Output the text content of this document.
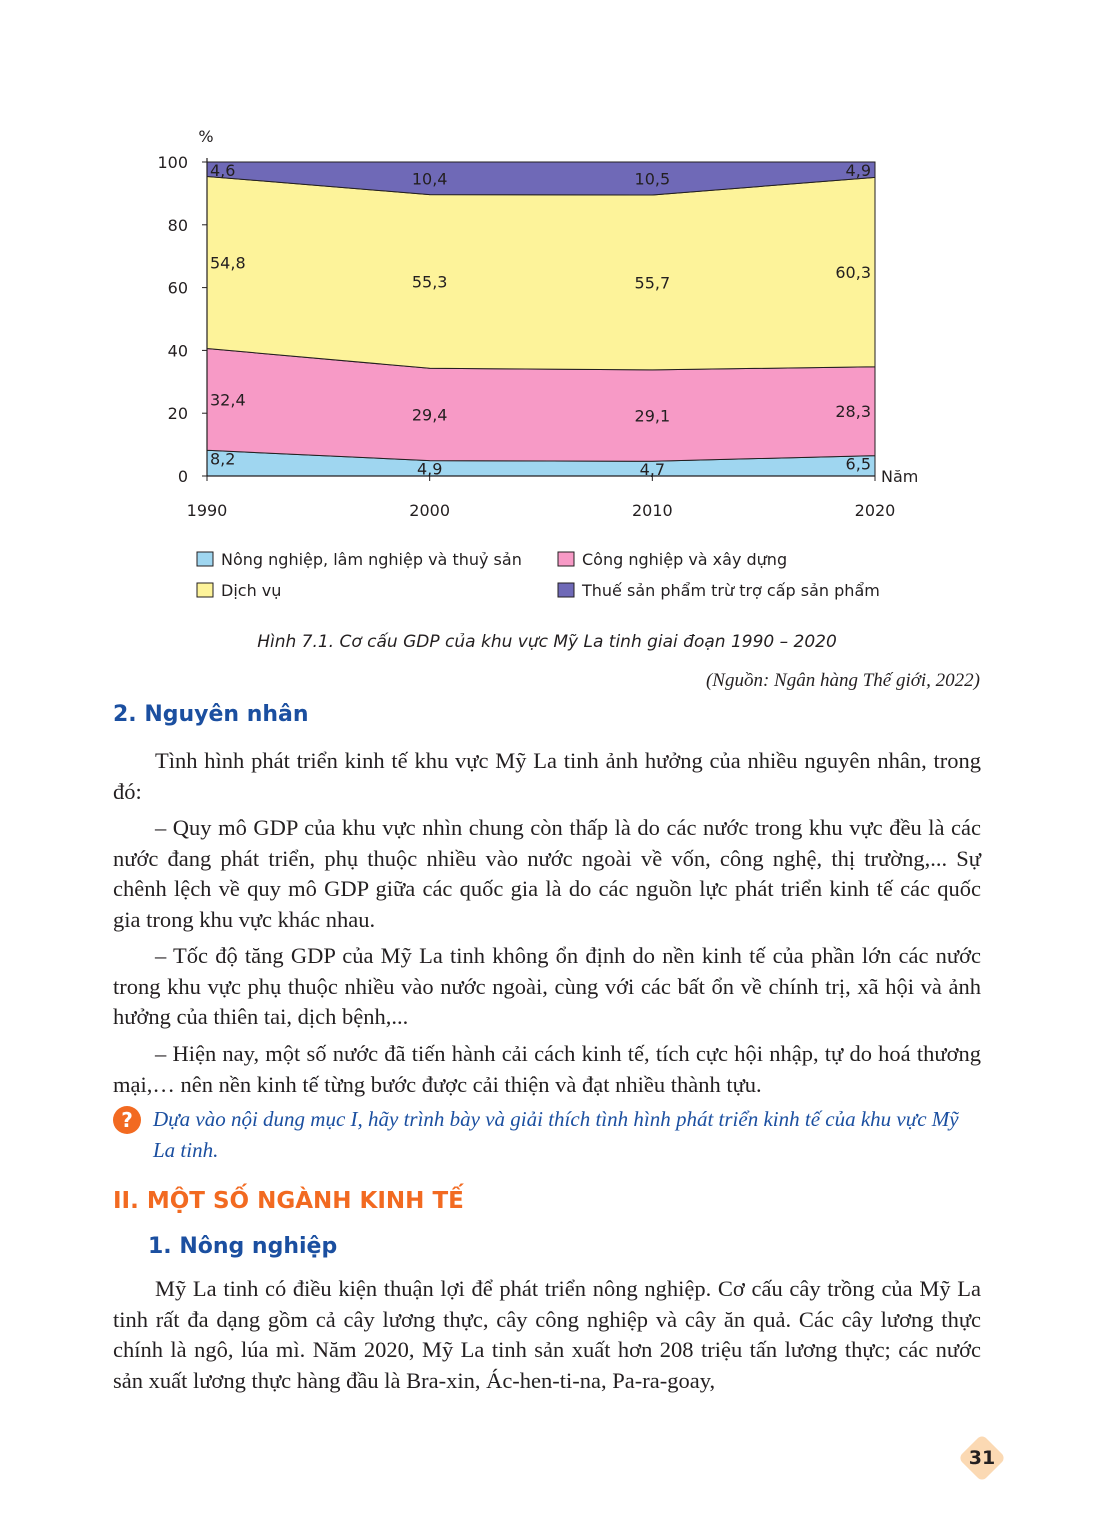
0
20
40
60
80
100
%
1990	2000	2010	2020
Năm
8,2
4,9	4,7	6,5
32,4
29,4	29,1	28,3
54,8
55,3	55,7
60,3
4,6	10,4	10,5	4,9
Nông nghiệp, lâm nghiệp và thuỷ sản	Công nghiệp và xây dựng
Dịch vụ	Thuế sản phẩm trừ trợ cấp sản phẩm
Hình 7.1. Cơ cấu GDP của khu vực Mỹ La tinh giai đoạn 1990 – 2020
(Nguồn: Ngân hàng Thế giới, 2022)
2. Nguyên nhân

Tình hình phát triển kinh tế khu vực Mỹ La tinh ảnh hưởng của nhiều nguyên nhân, trong đó:

– Quy mô GDP của khu vực nhìn chung còn thấp là do các nước trong khu vực đều là các nước đang phát triển, phụ thuộc nhiều vào nước ngoài về vốn, công nghệ, thị trường,... Sự chênh lệch về quy mô GDP giữa các quốc gia là do các nguồn lực phát triển kinh tế các quốc gia trong khu vực khác nhau.

– Tốc độ tăng GDP của Mỹ La tinh không ổn định do nền kinh tế của phần lớn các nước trong khu vực phụ thuộc nhiều vào nước ngoài, cùng với các bất ổn về chính trị, xã hội và ảnh hưởng của thiên tai, dịch bệnh,...

– Hiện nay, một số nước đã tiến hành cải cách kinh tế, tích cực hội nhập, tự do hoá thương mại,… nên nền kinh tế từng bước được cải thiện và đạt nhiều thành tựu.

? Dựa vào nội dung mục I, hãy trình bày và giải thích tình hình phát triển kinh tế của khu vực Mỹ La tinh.

II. MỘT SỐ NGÀNH KINH TẾ
1. Nông nghiệp

Mỹ La tinh có điều kiện thuận lợi để phát triển nông nghiệp. Cơ cấu cây trồng của Mỹ La tinh rất đa dạng gồm cả cây lương thực, cây công nghiệp và cây ăn quả. Các cây lương thực chính là ngô, lúa mì. Năm 2020, Mỹ La tinh sản xuất hơn 208 triệu tấn lương thực; các nước sản xuất lương thực hàng đầu là Bra-xin, Ác-hen-ti-na, Pa-ra-goay,

31
